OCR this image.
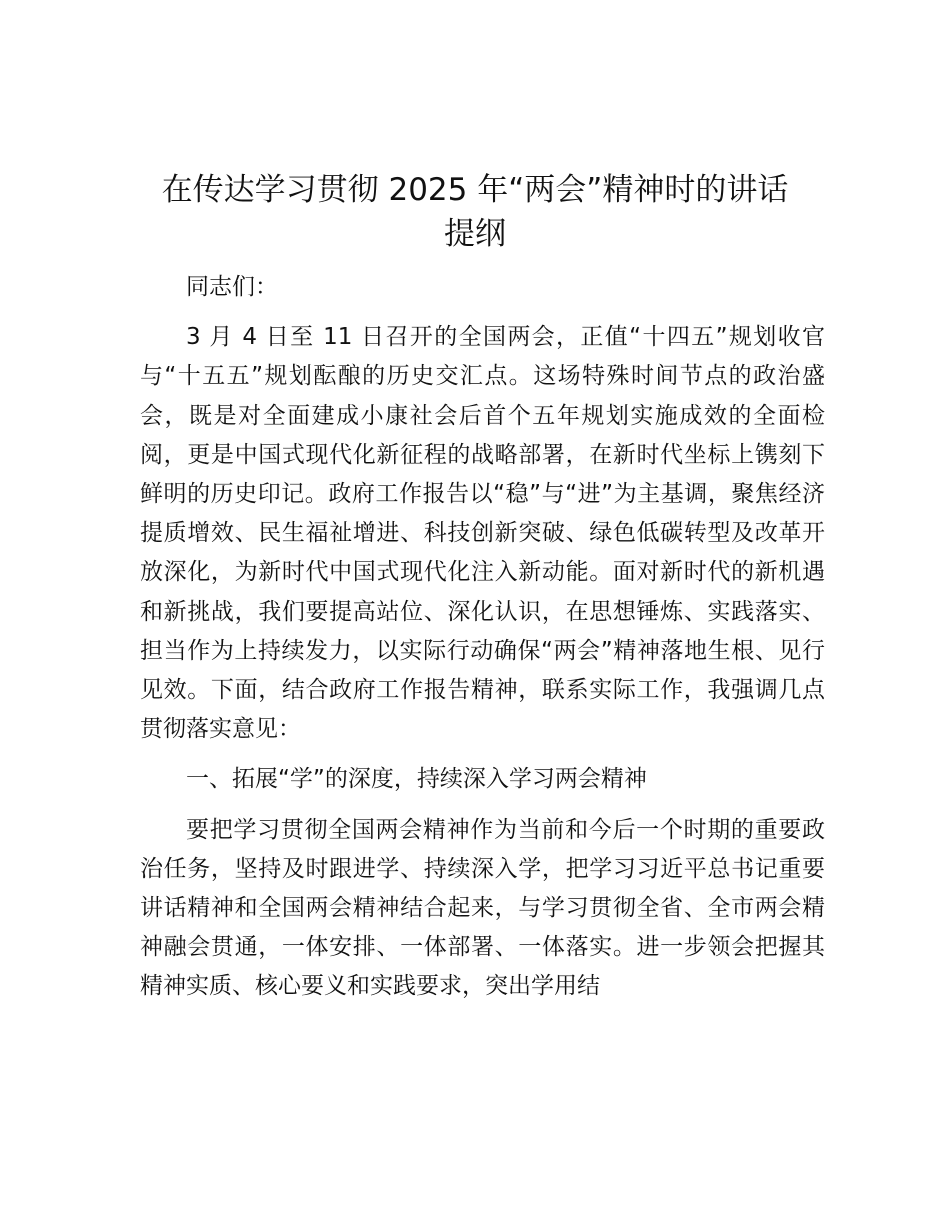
在传达学习贯彻 2025 年“两会”精神时的讲话
提纲

同志们：

3 月 4 日至 11 日召开的全国两会，正值“十四五”规划收官与“十五五”规划酝酿的历史交汇点。这场特殊时间节点的政治盛会，既是对全面建成小康社会后首个五年规划实施成效的全面检阅，更是中国式现代化新征程的战略部署，在新时代坐标上镌刻下鲜明的历史印记。政府工作报告以“稳”与“进”为主基调，聚焦经济提质增效、民生福祉增进、科技创新突破、绿色低碳转型及改革开放深化，为新时代中国式现代化注入新动能。面对新时代的新机遇和新挑战，我们要提高站位、深化认识，在思想锤炼、实践落实、担当作为上持续发力，以实际行动确保“两会”精神落地生根、见行见效。下面，结合政府工作报告精神，联系实际工作，我强调几点贯彻落实意见：

一、拓展“学”的深度，持续深入学习两会精神

要把学习贯彻全国两会精神作为当前和今后一个时期的重要政治任务，坚持及时跟进学、持续深入学，把学习习近平总书记重要讲话精神和全国两会精神结合起来，与学习贯彻全省、全市两会精神融会贯通，一体安排、一体部署、一体落实。进一步领会把握其精神实质、核心要义和实践要求，突出学用结
